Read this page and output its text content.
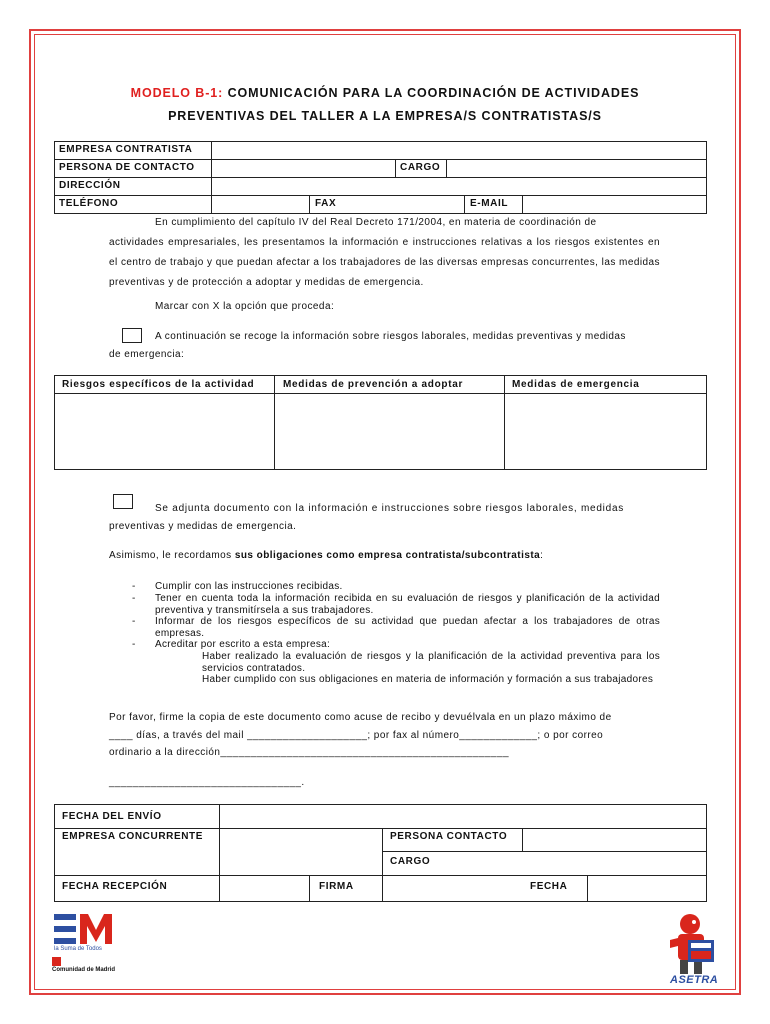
MODELO B-1: COMUNICACIÓN PARA LA COORDINACIÓN DE ACTIVIDADES
PREVENTIVAS DEL TALLER A LA EMPRESA/S CONTRATISTAS/S
EMPRESA CONTRATISTA
PERSONA DE CONTACTO	CARGO
DIRECCIÓN
TELÉFONO	FAX	E-MAIL
En cumplimiento del capítulo IV del Real Decreto 171/2004, en materia de coordinación de
actividades empresariales, les presentamos la información e instrucciones relativas a los riesgos existentes en el centro de trabajo y que puedan afectar a los trabajadores de las diversas empresas concurrentes, las medidas preventivas y de protección a adoptar y medidas de emergencia.
Marcar con X la opción que proceda:
A continuación se recoge la información sobre riesgos laborales, medidas preventivas y medidas
de emergencia:
Riesgos específicos de la actividad	Medidas de prevención a adoptar	Medidas de emergencia
Se adjunta documento con la información e instrucciones sobre riesgos laborales, medidas
preventivas y medidas de emergencia.
Asimismo, le recordamos sus obligaciones como empresa contratista/subcontratista:
- Cumplir con las instrucciones recibidas.
- Tener en cuenta toda la información recibida en su evaluación de riesgos y planificación de la actividad preventiva y transmitírsela a sus trabajadores.
- Informar de los riesgos específicos de su actividad que puedan afectar a los trabajadores de otras empresas.
- Acreditar por escrito a esta empresa:
Haber realizado la evaluación de riesgos y la planificación de la actividad preventiva para los servicios contratados.
Haber cumplido con sus obligaciones en materia de información y formación a sus trabajadores
Por favor, firme la copia de este documento como acuse de recibo y devuélvala en un plazo máximo de
____ días, a través del mail ____________________; por fax al número_____________; o por correo
ordinario a la dirección________________________________________________
________________________________.
FECHA DEL ENVÍO
EMPRESA CONCURRENTE	PERSONA CONTACTO
CARGO
FECHA RECEPCIÓN	FIRMA	FECHA
la Suma de Todos
Comunidad de Madrid
ASETRA
